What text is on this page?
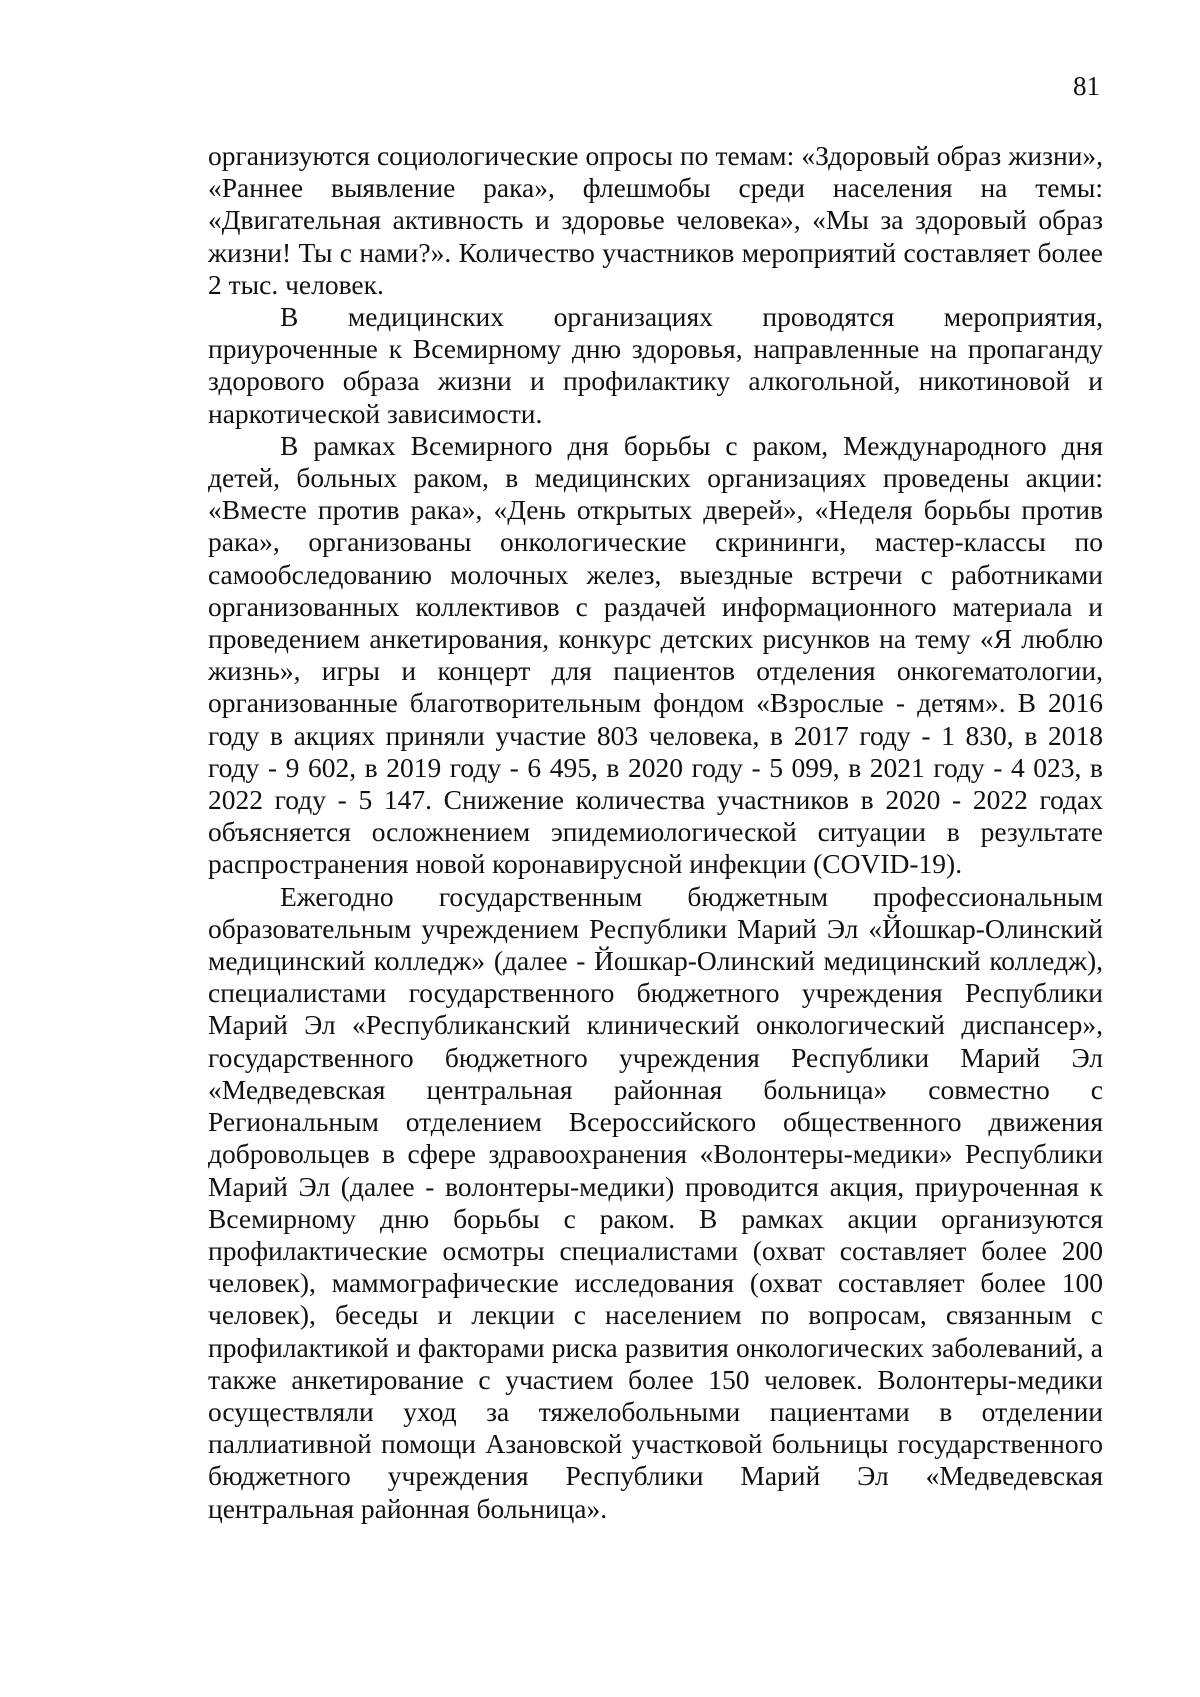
81

организуются социологические опросы по темам: «Здоровый образ жизни», «Раннее выявление рака», флешмобы среди населения на темы: «Двигательная активность и здоровье человека», «Мы за здоровый образ жизни! Ты с нами?». Количество участников мероприятий составляет более 2 тыс. человек.

В медицинских организациях проводятся мероприятия, приуроченные к Всемирному дню здоровья, направленные на пропаганду здорового образа жизни и профилактику алкогольной, никотиновой и наркотической зависимости.

В рамках Всемирного дня борьбы с раком, Международного дня детей, больных раком, в медицинских организациях проведены акции: «Вместе против рака», «День открытых дверей», «Неделя борьбы против рака», организованы онкологические скрининги, мастер-классы по самообследованию молочных желез, выездные встречи с работниками организованных коллективов с раздачей информационного материала и проведением анкетирования, конкурс детских рисунков на тему «Я люблю жизнь», игры и концерт для пациентов отделения онкогематологии, организованные благотворительным фондом «Взрослые - детям». В 2016 году в акциях приняли участие 803 человека, в 2017 году - 1 830, в 2018 году - 9 602, в 2019 году - 6 495, в 2020 году - 5 099, в 2021 году - 4 023, в 2022 году - 5 147. Снижение количества участников в 2020 - 2022 годах объясняется осложнением эпидемиологической ситуации в результате распространения новой коронавирусной инфекции (COVID-19).

Ежегодно государственным бюджетным профессиональным образовательным учреждением Республики Марий Эл «Йошкар-Олинский медицинский колледж» (далее - Йошкар-Олинский медицинский колледж), специалистами государственного бюджетного учреждения Республики Марий Эл «Республиканский клинический онкологический диспансер», государственного бюджетного учреждения Республики Марий Эл «Медведевская центральная районная больница» совместно с Региональным отделением Всероссийского общественного движения добровольцев в сфере здравоохранения «Волонтеры-медики» Республики Марий Эл (далее - волонтеры-медики) проводится акция, приуроченная к Всемирному дню борьбы с раком. В рамках акции организуются профилактические осмотры специалистами (охват составляет более 200 человек), маммографические исследования (охват составляет более 100 человек), беседы и лекции с населением по вопросам, связанным с профилактикой и факторами риска развития онкологических заболеваний, а также анкетирование с участием более 150 человек. Волонтеры-медики осуществляли уход за тяжелобольными пациентами в отделении паллиативной помощи Азановской участковой больницы государственного бюджетного учреждения Республики Марий Эл «Медведевская центральная районная больница».
